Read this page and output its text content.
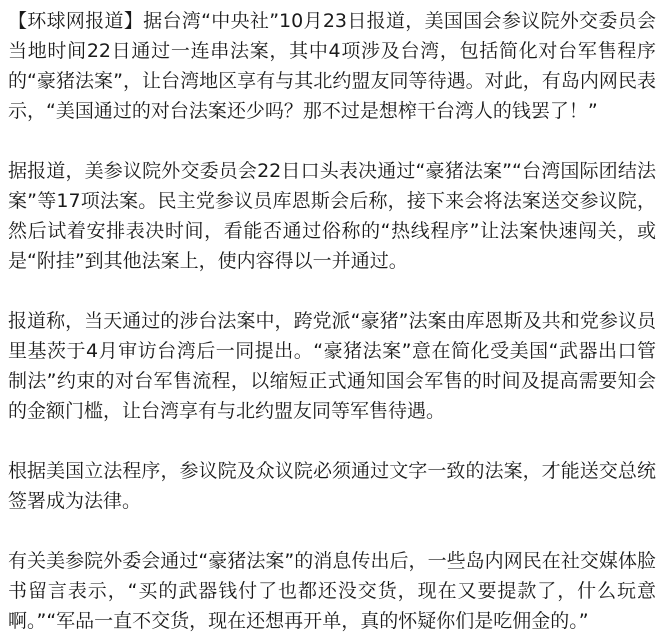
【环球网报道】据台湾“中央社”10月23日报道，美国国会参议院外交委员会当地时间22日通过一连串法案，其中4项涉及台湾，包括简化对台军售程序的“豪猪法案”，让台湾地区享有与其北约盟友同等待遇。对此，有岛内网民表示，“美国通过的对台法案还少吗？那不过是想榨干台湾人的钱罢了！”

据报道，美参议院外交委员会22日口头表决通过“豪猪法案”“台湾国际团结法案”等17项法案。民主党参议员库恩斯会后称，接下来会将法案送交参议院，然后试着安排表决时间，看能否通过俗称的“热线程序”让法案快速闯关，或是“附挂”到其他法案上，使内容得以一并通过。

报道称，当天通过的涉台法案中，跨党派“豪猪”法案由库恩斯及共和党参议员里基茨于4月审访台湾后一同提出。“豪猪法案”意在简化受美国“武器出口管制法”约束的对台军售流程，以缩短正式通知国会军售的时间及提高需要知会的金额门槛，让台湾享有与北约盟友同等军售待遇。

根据美国立法程序，参议院及众议院必须通过文字一致的法案，才能送交总统签署成为法律。

有关美参院外委会通过“豪猪法案”的消息传出后，一些岛内网民在社交媒体脸书留言表示，“买的武器钱付了也都还没交货，现在又要提款了，什么玩意啊。”“军品一直不交货，现在还想再开单，真的怀疑你们是吃佣金的。”
